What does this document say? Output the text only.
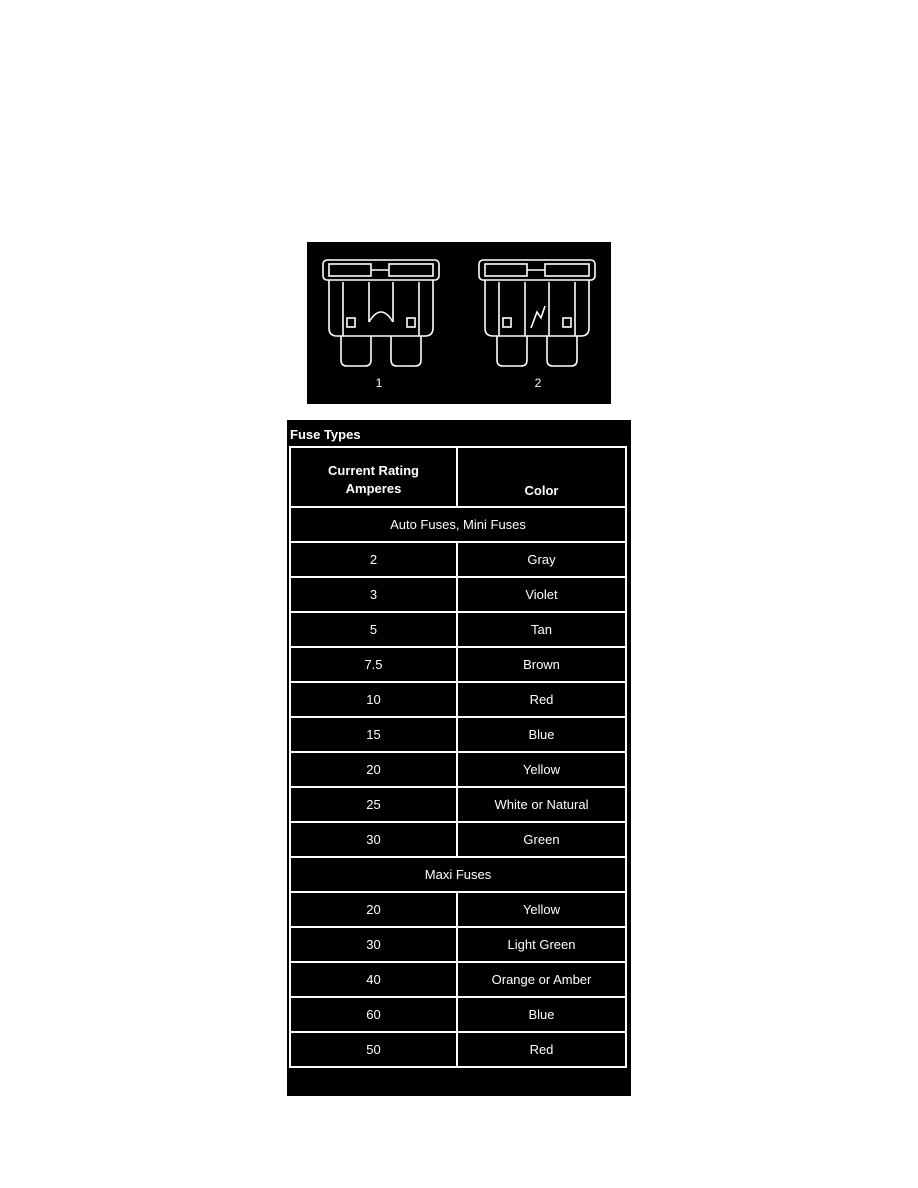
1	2
Fuse Types
Current Rating
Amperes	Color
Auto Fuses, Mini Fuses	
2	Gray
3	Violet
5	Tan
7.5	Brown
10	Red
15	Blue
20	Yellow
25	White or Natural
30	Green
Maxi Fuses	
20	Yellow
30	Light Green
40	Orange or Amber
60	Blue
50	Red
